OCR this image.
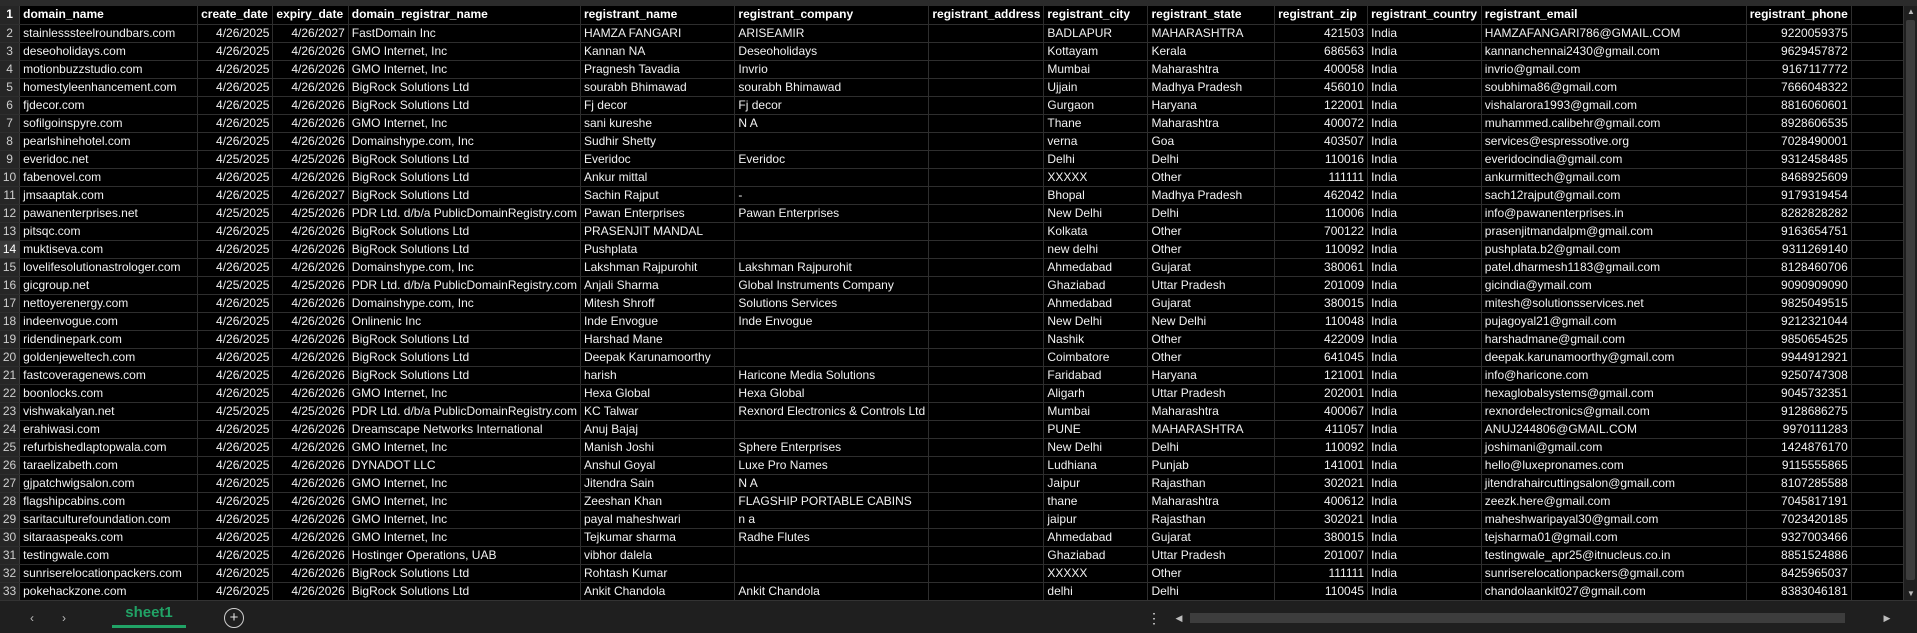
1	domain_name	create_date	expiry_date	domain_registrar_name	registrant_name	registrant_company	registrant_address	registrant_city	registrant_state	registrant_zip	registrant_country	registrant_email	registrant_phone	
2	stainlesssteelroundbars.com	4/26/2025	4/26/2027	FastDomain Inc	HAMZA FANGARI	ARISEAMIR		BADLAPUR	MAHARASHTRA	421503	India	HAMZAFANGARI786@GMAIL.COM	9220059375	
3	deseoholidays.com	4/26/2025	4/26/2026	GMO Internet, Inc	Kannan NA	Deseoholidays		Kottayam	Kerala	686563	India	kannanchennai2430@gmail.com	9629457872	
4	motionbuzzstudio.com	4/26/2025	4/26/2026	GMO Internet, Inc	Pragnesh Tavadia	Invrio		Mumbai	Maharashtra	400058	India	invrio@gmail.com	9167117772	
5	homestyleenhancement.com	4/26/2025	4/26/2026	BigRock Solutions Ltd	sourabh Bhimawad	sourabh Bhimawad		Ujjain	Madhya Pradesh	456010	India	soubhima86@gmail.com	7666048322	
6	fjdecor.com	4/26/2025	4/26/2026	BigRock Solutions Ltd	Fj decor	Fj decor		Gurgaon	Haryana	122001	India	vishalarora1993@gmail.com	8816060601	
7	sofilgoinspyre.com	4/26/2025	4/26/2026	GMO Internet, Inc	sani kureshe	N A		Thane	Maharashtra	400072	India	muhammed.calibehr@gmail.com	8928606535	
8	pearlshinehotel.com	4/26/2025	4/26/2026	Domainshype.com, Inc	Sudhir Shetty			verna	Goa	403507	India	services@espressotive.org	7028490001	
9	everidoc.net	4/25/2025	4/25/2026	BigRock Solutions Ltd	Everidoc	Everidoc		Delhi	Delhi	110016	India	everidocindia@gmail.com	9312458485	
10	fabenovel.com	4/26/2025	4/26/2026	BigRock Solutions Ltd	Ankur mittal			XXXXX	Other	111111	India	ankurmittech@gmail.com	8468925609	
11	jmsaaptak.com	4/26/2025	4/26/2027	BigRock Solutions Ltd	Sachin Rajput	-		Bhopal	Madhya Pradesh	462042	India	sach12rajput@gmail.com	9179319454	
12	pawanenterprises.net	4/25/2025	4/25/2026	PDR Ltd. d/b/a PublicDomainRegistry.com	Pawan Enterprises	Pawan Enterprises		New Delhi	Delhi	110006	India	info@pawanenterprises.in	8282828282	
13	pitsqc.com	4/26/2025	4/26/2026	BigRock Solutions Ltd	PRASENJIT MANDAL			Kolkata	Other	700122	India	prasenjitmandalpm@gmail.com	9163654751	
14	muktiseva.com	4/26/2025	4/26/2026	BigRock Solutions Ltd	Pushplata			new delhi	Other	110092	India	pushplata.b2@gmail.com	9311269140	
15	lovelifesolutionastrologer.com	4/26/2025	4/26/2026	Domainshype.com, Inc	Lakshman Rajpurohit	Lakshman Rajpurohit		Ahmedabad	Gujarat	380061	India	patel.dharmesh1183@gmail.com	8128460706	
16	gicgroup.net	4/25/2025	4/25/2026	PDR Ltd. d/b/a PublicDomainRegistry.com	Anjali Sharma	Global Instruments Company		Ghaziabad	Uttar Pradesh	201009	India	gicindia@ymail.com	9090909090	
17	nettoyerenergy.com	4/26/2025	4/26/2026	Domainshype.com, Inc	Mitesh Shroff	Solutions Services		Ahmedabad	Gujarat	380015	India	mitesh@solutionsservices.net	9825049515	
18	indeenvogue.com	4/26/2025	4/26/2026	Onlinenic Inc	Inde Envogue	Inde Envogue		New Delhi	New Delhi	110048	India	pujagoyal21@gmail.com	9212321044	
19	ridendinepark.com	4/26/2025	4/26/2026	BigRock Solutions Ltd	Harshad Mane			Nashik	Other	422009	India	harshadmane@gmail.com	9850654525	
20	goldenjeweltech.com	4/26/2025	4/26/2026	BigRock Solutions Ltd	Deepak Karunamoorthy			Coimbatore	Other	641045	India	deepak.karunamoorthy@gmail.com	9944912921	
21	fastcoveragenews.com	4/26/2025	4/26/2026	BigRock Solutions Ltd	harish	Haricone Media Solutions		Faridabad	Haryana	121001	India	info@haricone.com	9250747308	
22	boonlocks.com	4/26/2025	4/26/2026	GMO Internet, Inc	Hexa Global	Hexa Global		Aligarh	Uttar Pradesh	202001	India	hexaglobalsystems@gmail.com	9045732351	
23	vishwakalyan.net	4/25/2025	4/25/2026	PDR Ltd. d/b/a PublicDomainRegistry.com	KC Talwar	Rexnord Electronics & Controls Ltd		Mumbai	Maharashtra	400067	India	rexnordelectronics@gmail.com	9128686275	
24	erahiwasi.com	4/26/2025	4/26/2026	Dreamscape Networks International	Anuj Bajaj			PUNE	MAHARASHTRA	411057	India	ANUJ244806@GMAIL.COM	9970111283	
25	refurbishedlaptopwala.com	4/26/2025	4/26/2026	GMO Internet, Inc	Manish Joshi	Sphere Enterprises		New Delhi	Delhi	110092	India	joshimani@gmail.com	1424876170	
26	taraelizabeth.com	4/26/2025	4/26/2026	DYNADOT LLC	Anshul Goyal	Luxe Pro Names		Ludhiana	Punjab	141001	India	hello@luxepronames.com	9115555865	
27	gjpatchwigsalon.com	4/26/2025	4/26/2026	GMO Internet, Inc	Jitendra Sain	N A		Jaipur	Rajasthan	302021	India	jitendrahaircuttingsalon@gmail.com	8107285588	
28	flagshipcabins.com	4/26/2025	4/26/2026	GMO Internet, Inc	Zeeshan Khan	FLAGSHIP PORTABLE CABINS		thane	Maharashtra	400612	India	zeezk.here@gmail.com	7045817191	
29	saritaculturefoundation.com	4/26/2025	4/26/2026	GMO Internet, Inc	payal maheshwari	n a		jaipur	Rajasthan	302021	India	maheshwaripayal30@gmail.com	7023420185	
30	sitaraaspeaks.com	4/26/2025	4/26/2026	GMO Internet, Inc	Tejkumar sharma	Radhe Flutes		Ahmedabad	Gujarat	380015	India	tejsharma01@gmail.com	9327003466	
31	testingwale.com	4/26/2025	4/26/2026	Hostinger Operations, UAB	vibhor dalela			Ghaziabad	Uttar Pradesh	201007	India	testingwale_apr25@itnucleus.co.in	8851524886	
32	sunriserelocationpackers.com	4/26/2025	4/26/2026	BigRock Solutions Ltd	Rohtash Kumar			XXXXX	Other	111111	India	sunriserelocationpackers@gmail.com	8425965037	
33	pokehackzone.com	4/26/2025	4/26/2026	BigRock Solutions Ltd	Ankit Chandola	Ankit Chandola		delhi	Delhi	110045	India	chandolaankit027@gmail.com	8383046181	
▲
▼
‹	›	sheet1	+	⋮	◀	▶
